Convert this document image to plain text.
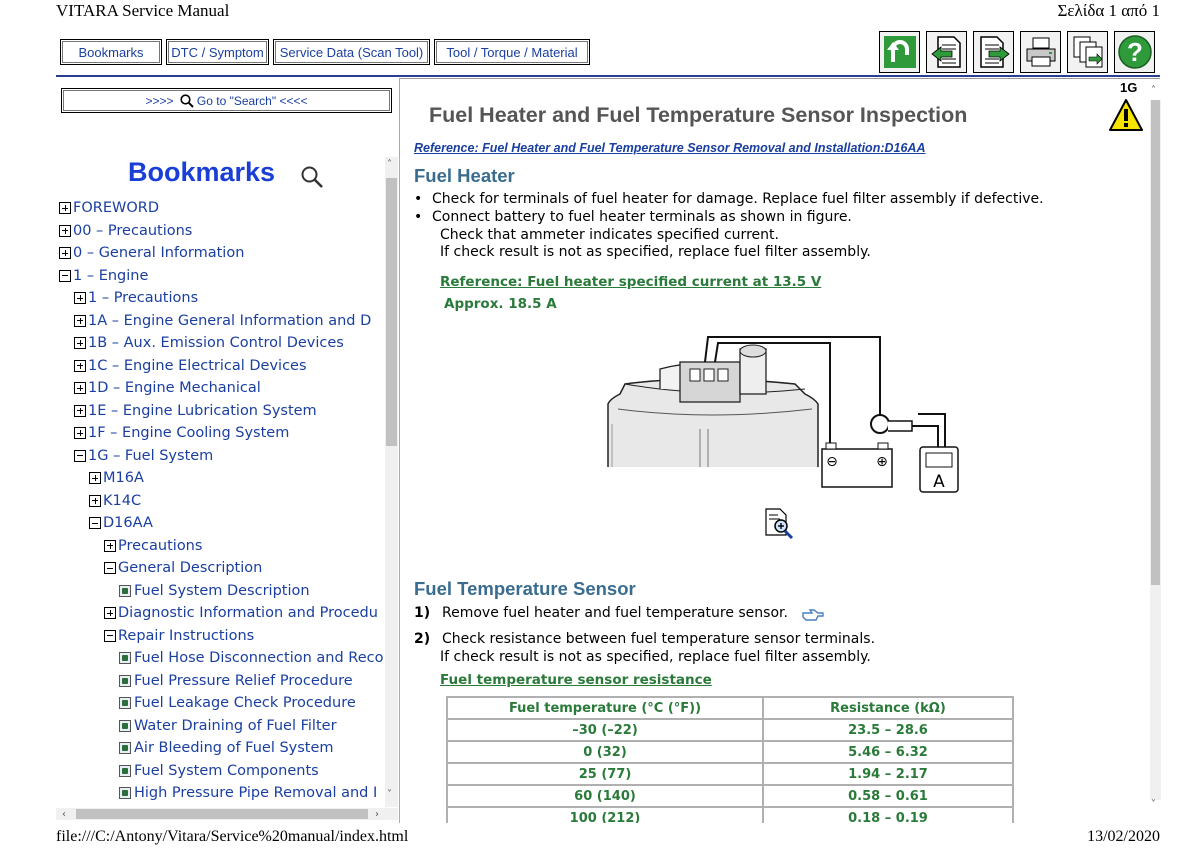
VITARA Service Manual	Σελίδα 1 από 1
file:///C:/Antony/Vitara/Service%20manual/index.html	13/02/2020
Bookmarks	DTC / Symptom	Service Data (Scan Tool)	Tool / Torque / Material	?
>>>> Go to "Search" <<<<
Bookmarks
FOREWORD
00 – Precautions
0 – General Information
1 – Engine
1 – Precautions
1A – Engine General Information and D
1B – Aux. Emission Control Devices
1C – Engine Electrical Devices
1D – Engine Mechanical
1E – Engine Lubrication System
1F – Engine Cooling System
1G – Fuel System
M16A
K14C
D16AA
Precautions
General Description
Fuel System Description
Diagnostic Information and Procedu
Repair Instructions
Fuel Hose Disconnection and Reco
Fuel Pressure Relief Procedure
Fuel Leakage Check Procedure
Water Draining of Fuel Filter
Air Bleeding of Fuel System
Fuel System Components
High Pressure Pipe Removal and I
˄
˅
‹	›
1G
Fuel Heater and Fuel Temperature Sensor Inspection
Reference: Fuel Heater and Fuel Temperature Sensor Removal and Installation:D16AA
Fuel Heater
• Check for terminals of fuel heater for damage. Replace fuel filter assembly if defective.
• Connect battery to fuel heater terminals as shown in figure.
Check that ammeter indicates specified current.
If check result is not as specified, replace fuel filter assembly.
Reference: Fuel heater specified current at 13.5 V
Approx. 18.5 A
⊖	⊕
A
Fuel Temperature Sensor
1) Remove fuel heater and fuel temperature sensor.
2) Check resistance between fuel temperature sensor terminals.
If check result is not as specified, replace fuel filter assembly.
Fuel temperature sensor resistance
Fuel temperature (°C (°F))	Resistance (kΩ)
–30 (–22)	23.5 – 28.6
0 (32)	5.46 – 6.32
25 (77)	1.94 – 2.17
60 (140)	0.58 – 0.61
100 (212)	0.18 – 0.19
˄
˅
